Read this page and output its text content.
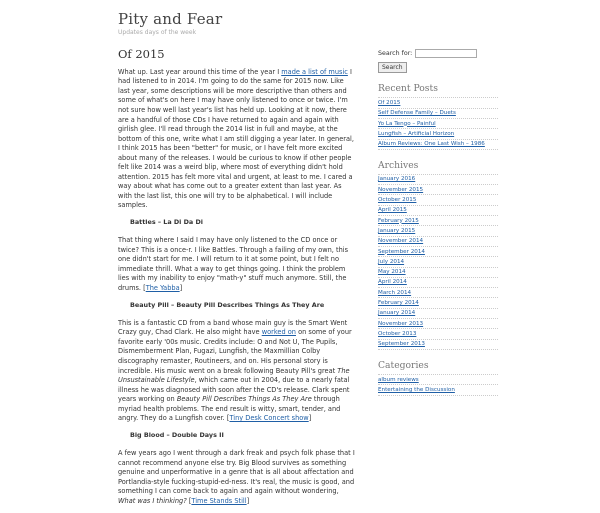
Pity and Fear
Updates days of the week
Of 2015

What up. Last year around this time of the year I made a list of music I had listened to in 2014. I'm going to do the same for 2015 now. Like last year, some descriptions will be more descriptive than others and some of what's on here I may have only listened to once or twice. I'm not sure how well last year's list has held up. Looking at it now, there are a handful of those CDs I have returned to again and again with girlish glee. I'll read through the 2014 list in full and maybe, at the bottom of this one, write what I am still digging a year later. In general, I think 2015 has been "better" for music, or I have felt more excited about many of the releases. I would be curious to know if other people felt like 2014 was a weird blip, where most of everything didn't hold attention. 2015 has felt more vital and urgent, at least to me. I cared a way about what has come out to a greater extent than last year. As with the last list, this one will try to be alphabetical. I will include samples.

Battles – La Di Da Di

That thing where I said I may have only listened to the CD once or twice? This is a once-r. I like Battles. Through a failing of my own, this one didn't start for me. I will return to it at some point, but I felt no immediate thrill. What a way to get things going. I think the problem lies with my inability to enjoy "math-y" stuff much anymore. Still, the drums. [The Yabba]

Beauty Pill – Beauty Pill Describes Things As They Are

This is a fantastic CD from a band whose main guy is the Smart Went Crazy guy, Chad Clark. He also might have worked on on some of your favorite early '00s music. Credits include: O and Not U, The Pupils, Dismemberment Plan, Fugazi, Lungfish, the Maxmillian Colby discography remaster, Routineers, and on. His personal story is incredible. His music went on a break following Beauty Pill's great The Unsustainable Lifestyle, which came out in 2004, due to a nearly fatal illness he was diagnosed with soon after the CD's release. Clark spent years working on Beauty Pill Describes Things As They Are through myriad health problems. The end result is witty, smart, tender, and angry. They do a Lungfish cover. [Tiny Desk Concert show]

Big Blood – Double Days II

A few years ago I went through a dark freak and psych folk phase that I cannot recommend anyone else try. Big Blood survives as something genuine and unperformative in a genre that is all about affectation and Portlandia-style fucking-stupid-ed-ness. It's real, the music is good, and something I can come back to again and again without wondering, What was I thinking? [Time Stands Still]

Search for:
Search
Recent Posts
Of 2015
Self Defense Family – Duets
Yo La Tengo – Painful
Lungfish – Artificial Horizon
Album Reviews: One Last Wish – 1986
Archives
January 2016
November 2015
October 2015
April 2015
February 2015
January 2015
November 2014
September 2014
July 2014
May 2014
April 2014
March 2014
February 2014
January 2014
November 2013
October 2013
September 2013
Categories
album reviews
Entertaining the Discussion
